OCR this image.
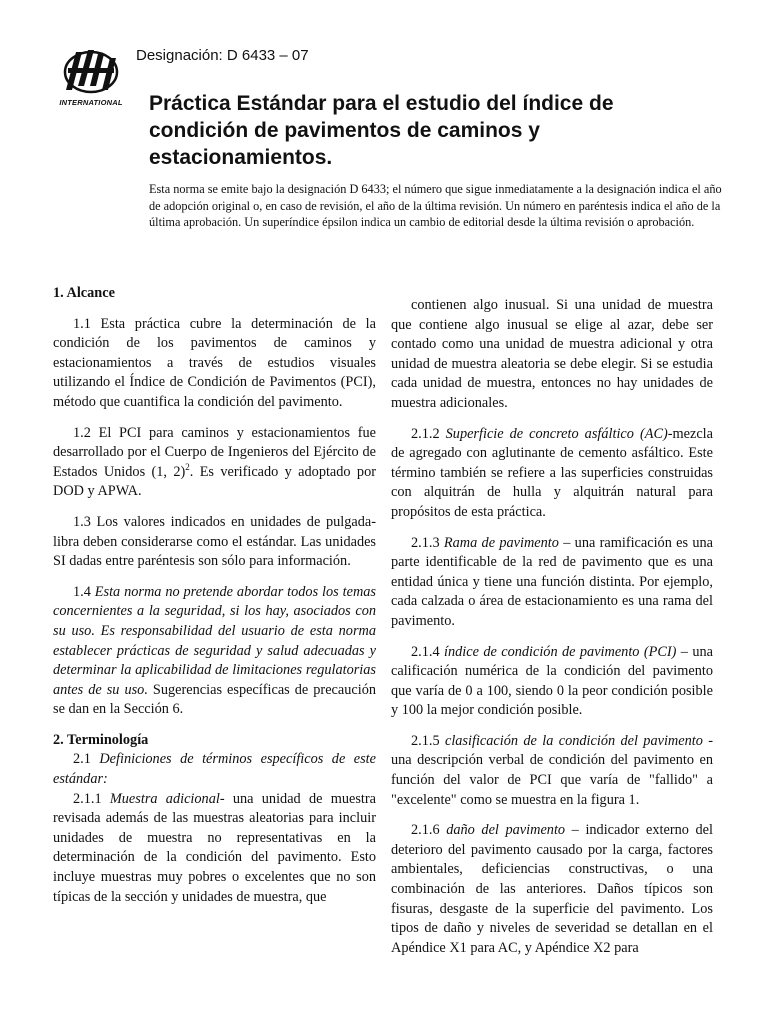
INTERNATIONAL
Designación: D 6433 – 07
Práctica Estándar para el estudio del índice de condición de pavimentos de caminos y estacionamientos.

Esta norma se emite bajo la designación D 6433; el número que sigue inmediatamente a la designación indica el año de adopción original o, en caso de revisión, el año de la última revisión. Un número en paréntesis indica el año de la última aprobación. Un superíndice épsilon indica un cambio de editorial desde la última revisión o aprobación.

1. Alcance

1.1 Esta práctica cubre la determinación de la condición de los pavimentos de caminos y estacionamientos a través de estudios visuales utilizando el Índice de Condición de Pavimentos (PCI), método que cuantifica la condición del pavimento.

1.2 El PCI para caminos y estacionamientos fue desarrollado por el Cuerpo de Ingenieros del Ejército de Estados Unidos (1, 2)$^2$. Es verificado y adoptado por DOD y APWA.

1.3 Los valores indicados en unidades de pulgada-libra deben considerarse como el estándar. Las unidades SI dadas entre paréntesis son sólo para información.

1.4 Esta norma no pretende abordar todos los temas concernientes a la seguridad, si los hay, asociados con su uso. Es responsabilidad del usuario de esta norma establecer prácticas de seguridad y salud adecuadas y determinar la aplicabilidad de limitaciones regulatorias antes de su uso. Sugerencias específicas de precaución se dan en la Sección 6.

2. Terminología

2.1 Definiciones de términos específicos de este estándar:

2.1.1 Muestra adicional- una unidad de muestra revisada además de las muestras aleatorias para incluir unidades de muestra no representativas en la determinación de la condición del pavimento. Esto incluye muestras muy pobres o excelentes que no son típicas de la sección y unidades de muestra, que

contienen algo inusual. Si una unidad de muestra que contiene algo inusual se elige al azar, debe ser contado como una unidad de muestra adicional y otra unidad de muestra aleatoria se debe elegir. Si se estudia cada unidad de muestra, entonces no hay unidades de muestra adicionales.

2.1.2 Superficie de concreto asfáltico (AC)-mezcla de agregado con aglutinante de cemento asfáltico. Este término también se refiere a las superficies construidas con alquitrán de hulla y alquitrán natural para propósitos de esta práctica.

2.1.3 Rama de pavimento – una ramificación es una parte identificable de la red de pavimento que es una entidad única y tiene una función distinta. Por ejemplo, cada calzada o área de estacionamiento es una rama del pavimento.

2.1.4 índice de condición de pavimento (PCI) – una calificación numérica de la condición del pavimento que varía de 0 a 100, siendo 0 la peor condición posible y 100 la mejor condición posible.

2.1.5 clasificación de la condición del pavimento - una descripción verbal de condición del pavimento en función del valor de PCI que varía de "fallido" a "excelente" como se muestra en la figura 1.

2.1.6 daño del pavimento – indicador externo del deterioro del pavimento causado por la carga, factores ambientales, deficiencias constructivas, o una combinación de las anteriores. Daños típicos son fisuras, desgaste de la superficie del pavimento. Los tipos de daño y niveles de severidad se detallan en el Apéndice X1 para AC, y Apéndice X2 para
